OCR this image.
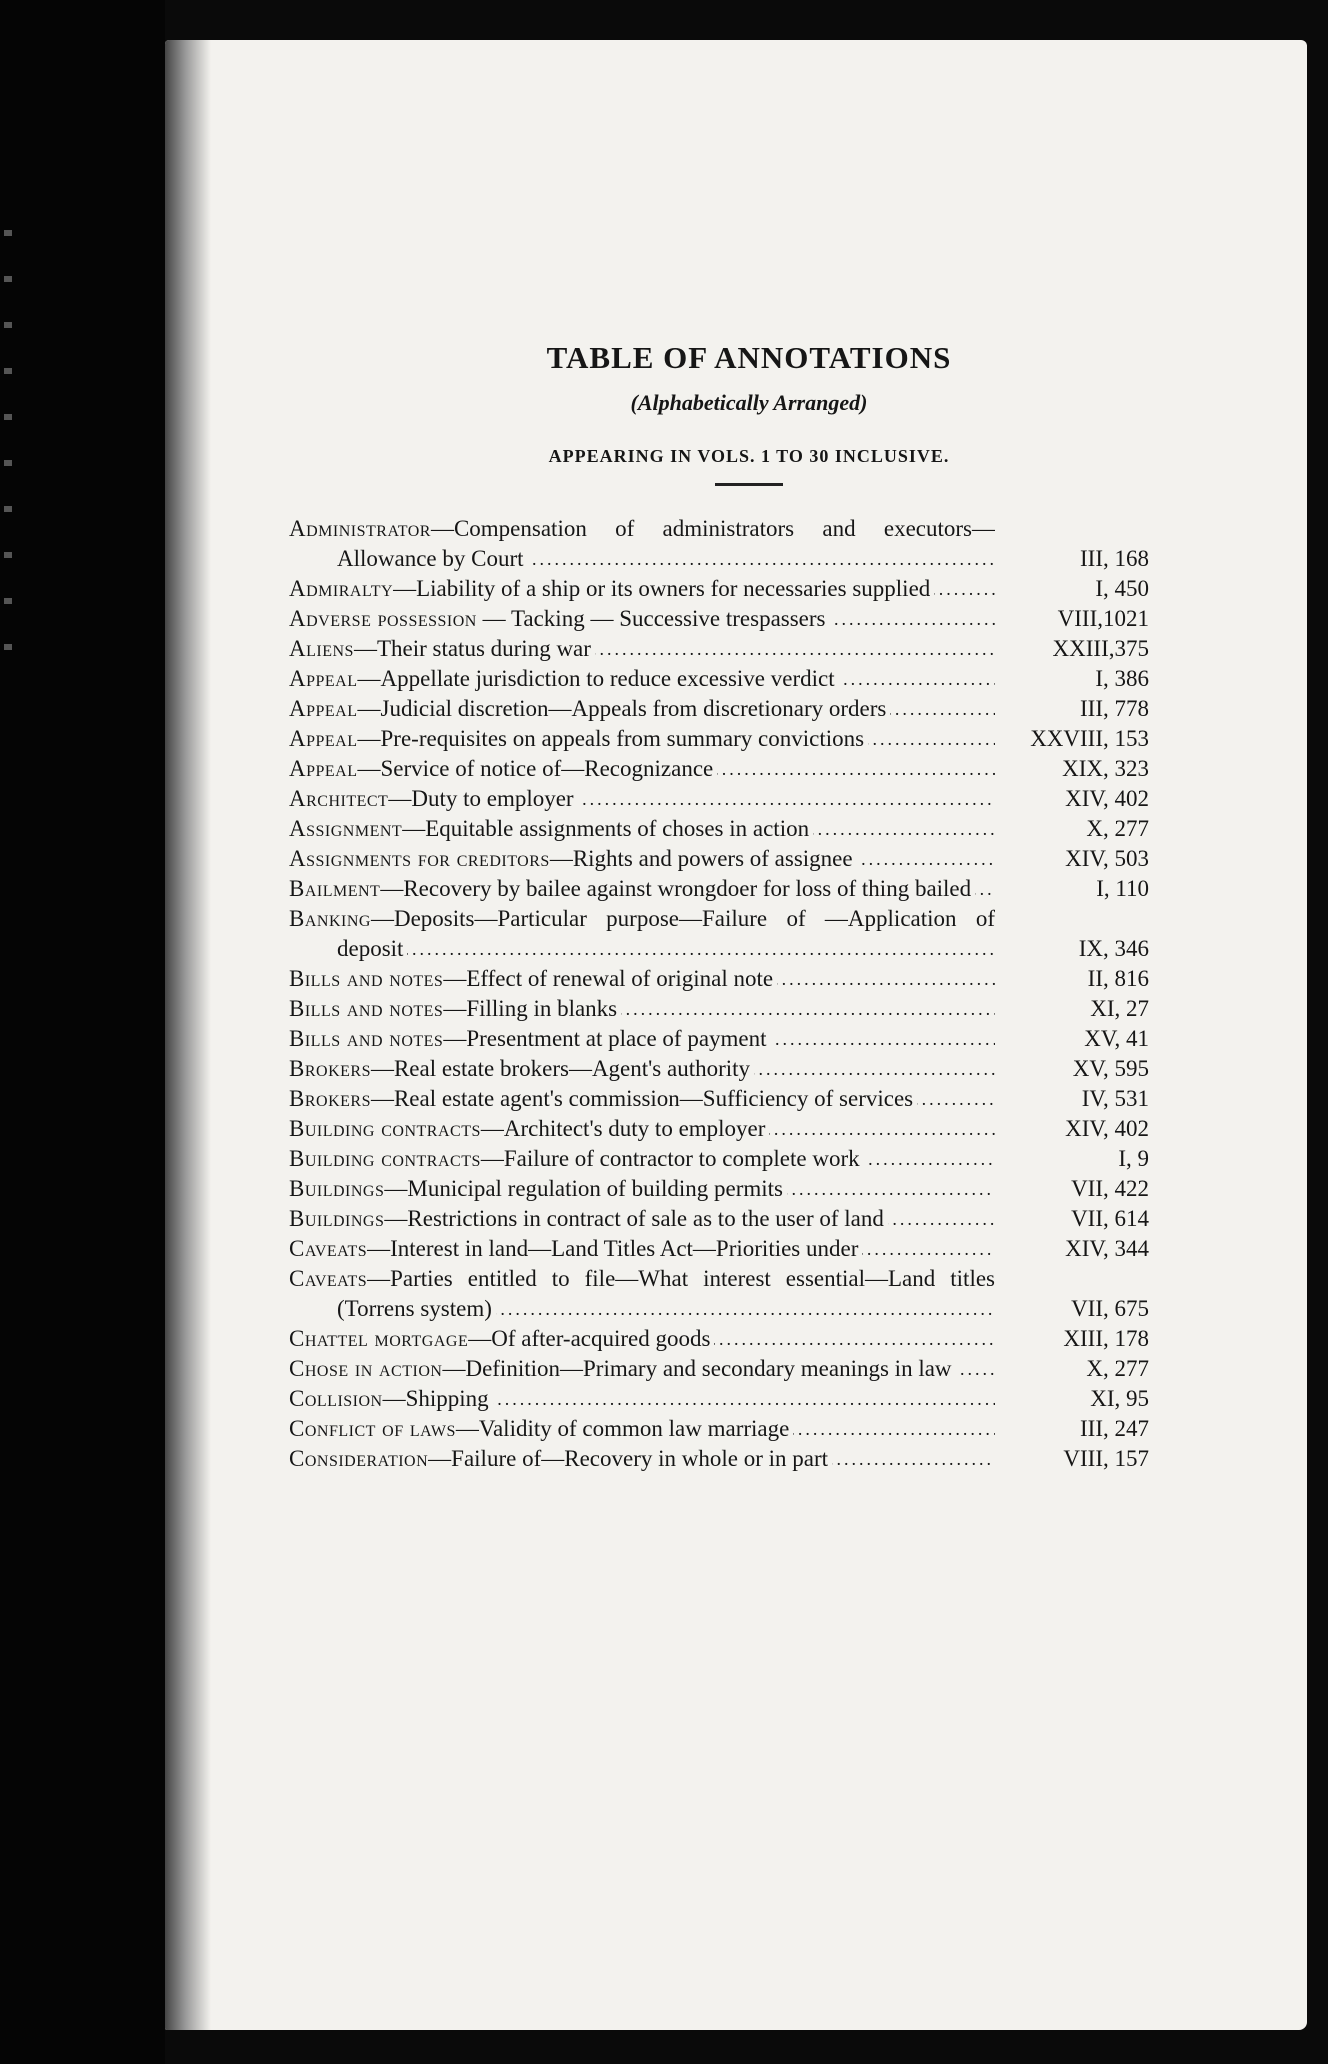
TABLE OF ANNOTATIONS
(Alphabetically Arranged)
APPEARING IN VOLS. 1 TO 30 INCLUSIVE.
Administrator—Compensation of administrators and executors—Allowance by Court .....	III, 168
Admiralty—Liability of a ship or its owners for necessaries supplied .....	I, 450
Adverse possession — Tacking — Successive trespassers .....	VIII,1021
Aliens—Their status during war .....	XXIII,375
Appeal—Appellate jurisdiction to reduce excessive verdict .....	I, 386
Appeal—Judicial discretion—Appeals from discretionary orders .....	III, 778
Appeal—Pre-requisites on appeals from summary convictions .....	XXVIII, 153
Appeal—Service of notice of—Recognizance .....	XIX, 323
Architect—Duty to employer .....	XIV, 402
Assignment—Equitable assignments of choses in action .....	X, 277
Assignments for creditors—Rights and powers of assignee .....	XIV, 503
Bailment—Recovery by bailee against wrongdoer for loss of thing bailed .....	I, 110
Banking—Deposits—Particular purpose—Failure of —Application of deposit .....	IX, 346
Bills and notes—Effect of renewal of original note .....	II, 816
Bills and notes—Filling in blanks .....	XI, 27
Bills and notes—Presentment at place of payment .....	XV, 41
Brokers—Real estate brokers—Agent's authority .....	XV, 595
Brokers—Real estate agent's commission—Sufficiency of services .....	IV, 531
Building contracts—Architect's duty to employer .....	XIV, 402
Building contracts—Failure of contractor to complete work .....	I, 9
Buildings—Municipal regulation of building permits .....	VII, 422
Buildings—Restrictions in contract of sale as to the user of land .....	VII, 614
Caveats—Interest in land—Land Titles Act—Priorities under .....	XIV, 344
Caveats—Parties entitled to file—What interest essential—Land titles (Torrens system) .....	VII, 675
Chattel mortgage—Of after-acquired goods .....	XIII, 178
Chose in action—Definition—Primary and secondary meanings in law .....	X, 277
Collision—Shipping .....	XI, 95
Conflict of laws—Validity of common law marriage .....	III, 247
Consideration—Failure of—Recovery in whole or in part .....	VIII, 157
